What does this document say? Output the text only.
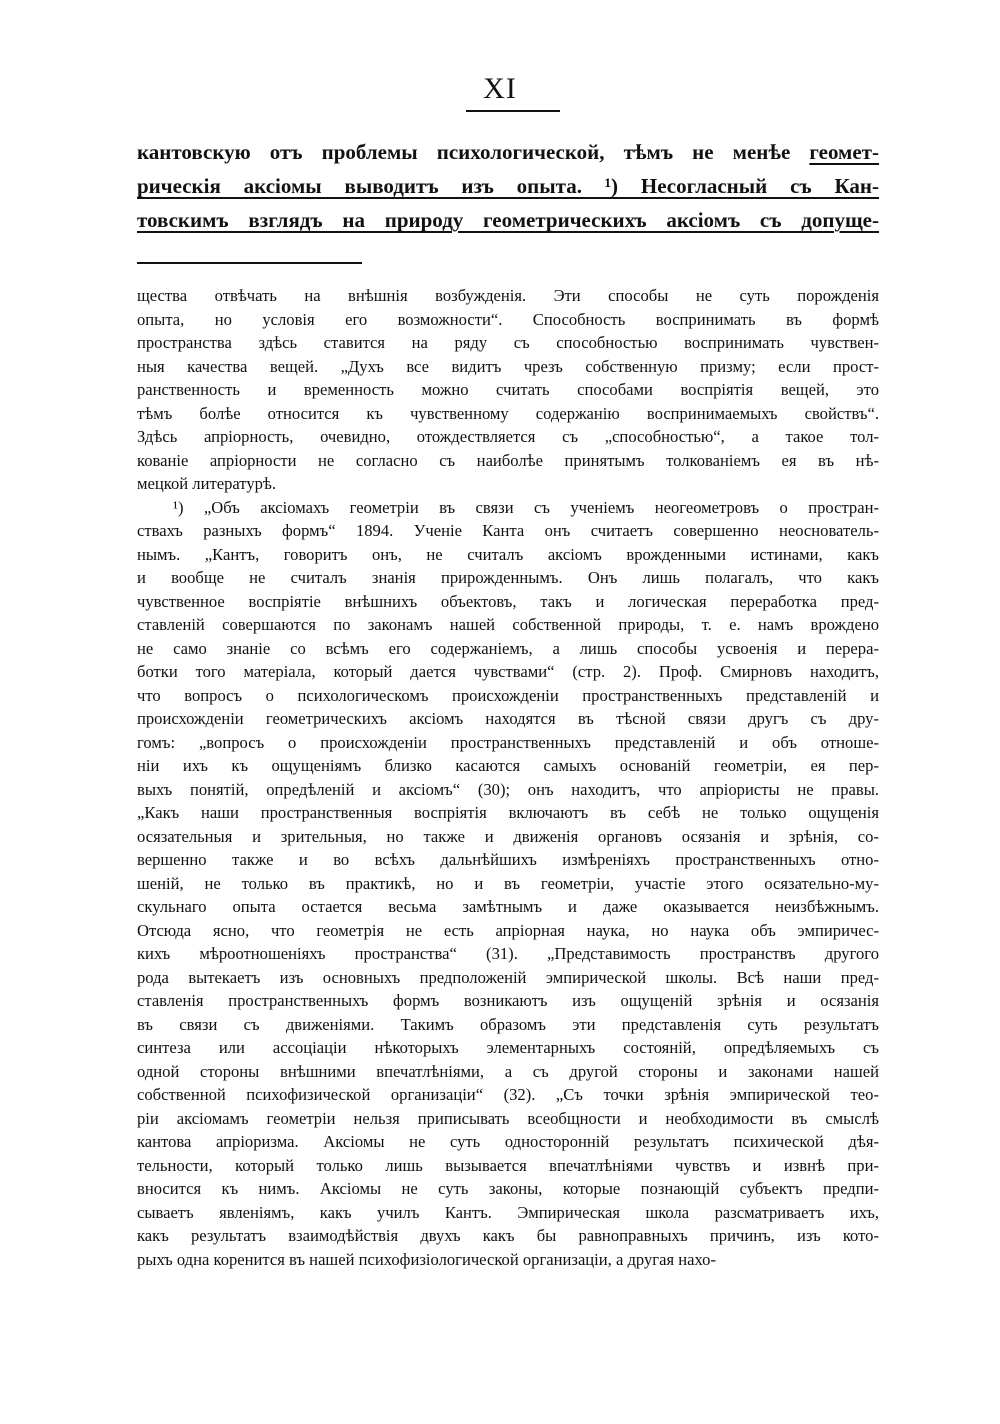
XI
кантовскую отъ проблемы психологической, тѣмъ не менѣе геомет-
рическія аксіомы выводитъ изъ опыта. ¹) Несогласный съ Кан-
товскимъ взглядъ на природу геометрическихъ аксіомъ съ допуще-
щества отвѣчать на внѣшнія возбужденія. Эти способы не суть порожденія
опыта, но условія его возможности“. Способность воспринимать въ формѣ
пространства здѣсь ставится на ряду съ способностью воспринимать чувствен-
ныя качества вещей. „Духъ все видитъ чрезъ собственную призму; если прост-
ранственность и временность можно считать способами воспріятія вещей, это
тѣмъ болѣе относится къ чувственному содержанію воспринимаемыхъ свойствъ“.
Здѣсь апріорность, очевидно, отождествляется съ „способностью“, а такое тол-
кованіе апріорности не согласно съ наиболѣе принятымъ толкованіемъ ея въ нѣ-
мецкой литературѣ.
¹) „Объ аксіомахъ геометріи въ связи съ ученіемъ неогеометровъ о простран-
ствахъ разныхъ формъ“ 1894. Ученіе Канта онъ считаетъ совершенно неоснователь-
нымъ. „Кантъ, говоритъ онъ, не считалъ аксіомъ врожденными истинами, какъ
и вообще не считалъ знанія прирожденнымъ. Онъ лишь полагалъ, что какъ
чувственное воспріятіе внѣшнихъ объектовъ, такъ и логическая переработка пред-
ставленій совершаются по законамъ нашей собственной природы, т. е. намъ врождено
не само знаніе со всѣмъ его содержаніемъ, а лишь способы усвоенія и перера-
ботки того матеріала, который дается чувствами“ (стр. 2). Проф. Смирновъ находитъ,
что вопросъ о психологическомъ происхожденіи пространственныхъ представленій и
происхожденіи геометрическихъ аксіомъ находятся въ тѣсной связи другъ съ дру-
гомъ: „вопросъ о происхожденіи пространственныхъ представленій и объ отноше-
ніи ихъ къ ощущеніямъ близко касаются самыхъ основаній геометріи, ея пер-
выхъ понятій, опредѣленій и аксіомъ“ (30); онъ находитъ, что апріористы не правы.
„Какъ наши пространственныя воспріятія включаютъ въ себѣ не только ощущенія
осязательныя и зрительныя, но также и движенія органовъ осязанія и зрѣнія, со-
вершенно также и во всѣхъ дальнѣйшихъ измѣреніяхъ пространственныхъ отно-
шеній, не только въ практикѣ, но и въ геометріи, участіе этого осязательно-му-
скульнаго опыта остается весьма замѣтнымъ и даже оказывается неизбѣжнымъ.
Отсюда ясно, что геометрія не есть апріорная наука, но наука объ эмпиричес-
кихъ мѣроотношеніяхъ пространства“ (31). „Представимость пространствъ другого
рода вытекаетъ изъ основныхъ предположеній эмпирической школы. Всѣ наши пред-
ставленія пространственныхъ формъ возникаютъ изъ ощущеній зрѣнія и осязанія
въ связи съ движеніями. Такимъ образомъ эти представленія суть результатъ
синтеза или ассоціаціи нѣкоторыхъ элементарныхъ состояній, опредѣляемыхъ съ
одной стороны внѣшними впечатлѣніями, а съ другой стороны и законами нашей
собственной психофизической организаціи“ (32). „Съ точки зрѣнія эмпирической тео-
ріи аксіомамъ геометріи нельзя приписывать всеобщности и необходимости въ смыслѣ
кантова апріоризма. Аксіомы не суть односторонній результатъ психической дѣя-
тельности, который только лишь вызывается впечатлѣніями чувствъ и извнѣ при-
вносится къ нимъ. Аксіомы не суть законы, которые познающій субъектъ предпи-
сываетъ явленіямъ, какъ училъ Кантъ. Эмпирическая школа разсматриваетъ ихъ,
какъ результатъ взаимодѣйствія двухъ какъ бы равноправныхъ причинъ, изъ кото-
рыхъ одна коренится въ нашей психофизіологической организаціи, а другая нахо-
